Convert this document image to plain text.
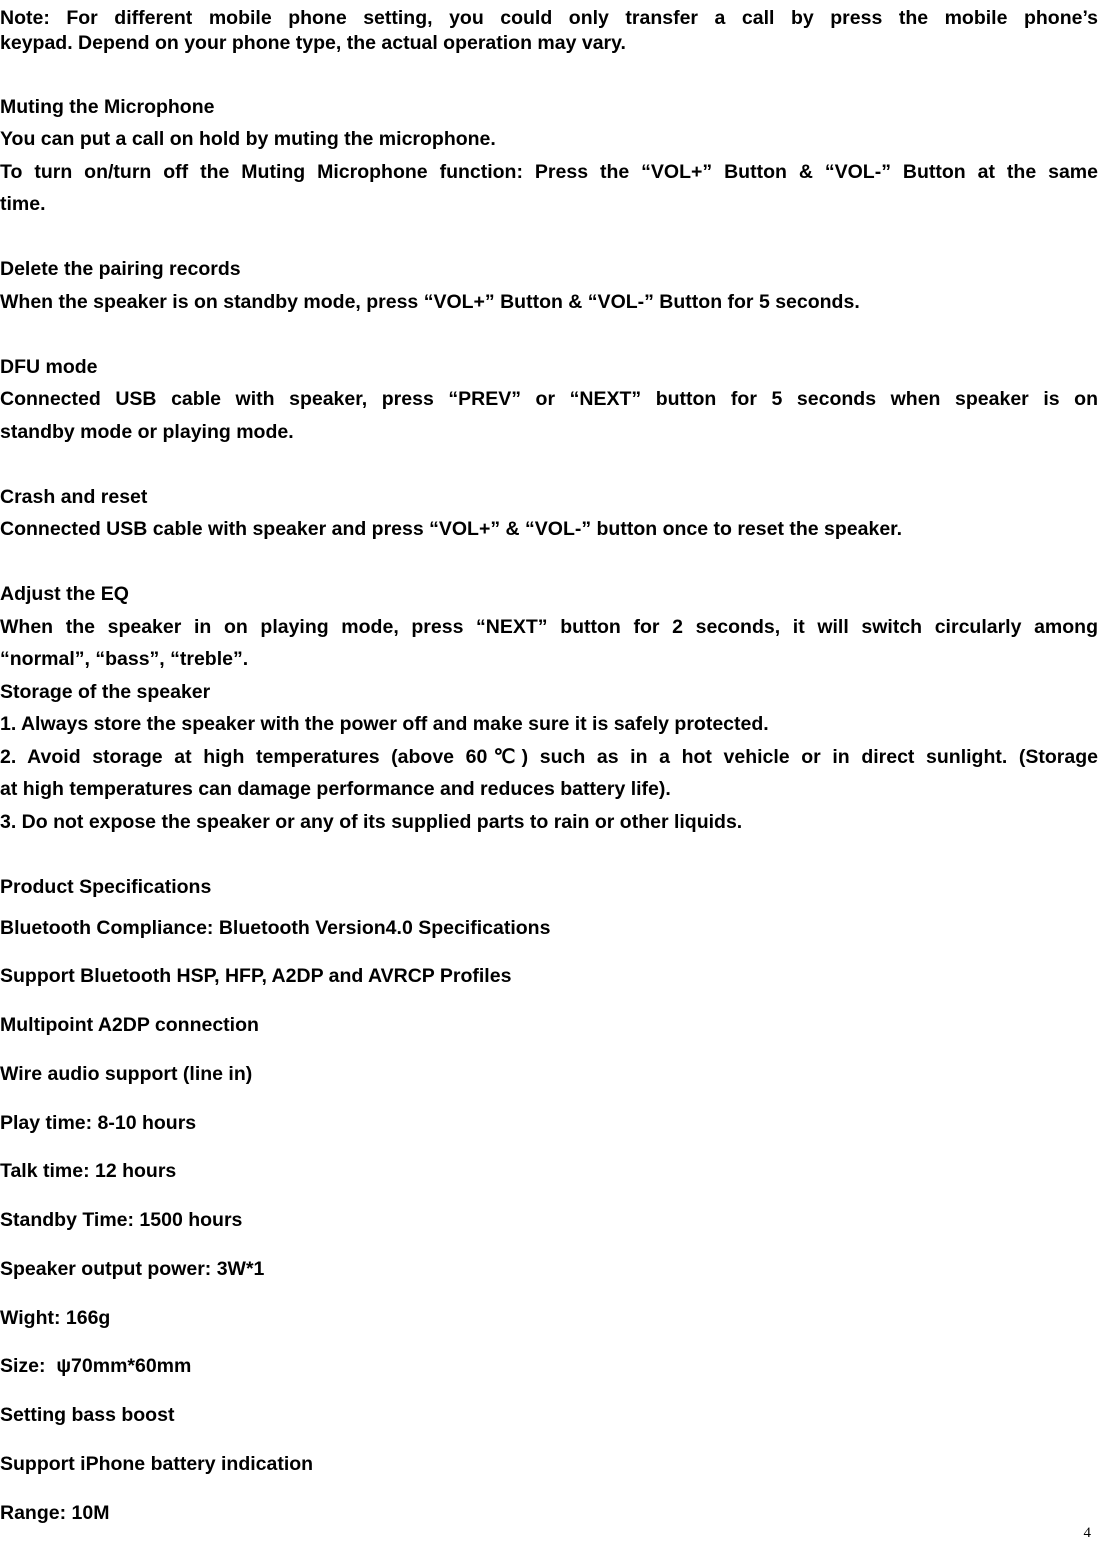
Note: For different mobile phone setting, you could only transfer a call by press the mobile phone’s
keypad. Depend on your phone type, the actual operation may vary.
Muting the Microphone
You can put a call on hold by muting the microphone.
To turn on/turn off the Muting Microphone function: Press the “VOL+” Button & “VOL-” Button at the same
time.
Delete the pairing records
When the speaker is on standby mode, press “VOL+” Button & “VOL-” Button for 5 seconds.
DFU mode
Connected USB cable with speaker, press “PREV” or “NEXT” button for 5 seconds when speaker is on
standby mode or playing mode.
Crash and reset
Connected USB cable with speaker and press “VOL+” & “VOL-” button once to reset the speaker.
Adjust the EQ
When the speaker in on playing mode, press “NEXT” button for 2 seconds, it will switch circularly among
“normal”, “bass”, “treble”.
Storage of the speaker
1. Always store the speaker with the power off and make sure it is safely protected.
2. Avoid storage at high temperatures (above 60℃) such as in a hot vehicle or in direct sunlight. (Storage
at high temperatures can damage performance and reduces battery life).
3. Do not expose the speaker or any of its supplied parts to rain or other liquids.
Product Specifications
Bluetooth Compliance: Bluetooth Version4.0 Specifications
Support Bluetooth HSP, HFP, A2DP and AVRCP Profiles
Multipoint A2DP connection
Wire audio support (line in)
Play time: 8-10 hours
Talk time: 12 hours
Standby Time: 1500 hours
Speaker output power: 3W*1
Wight: 166g
Size:  ψ70mm*60mm
Setting bass boost
Support iPhone battery indication
Range: 10M
4
